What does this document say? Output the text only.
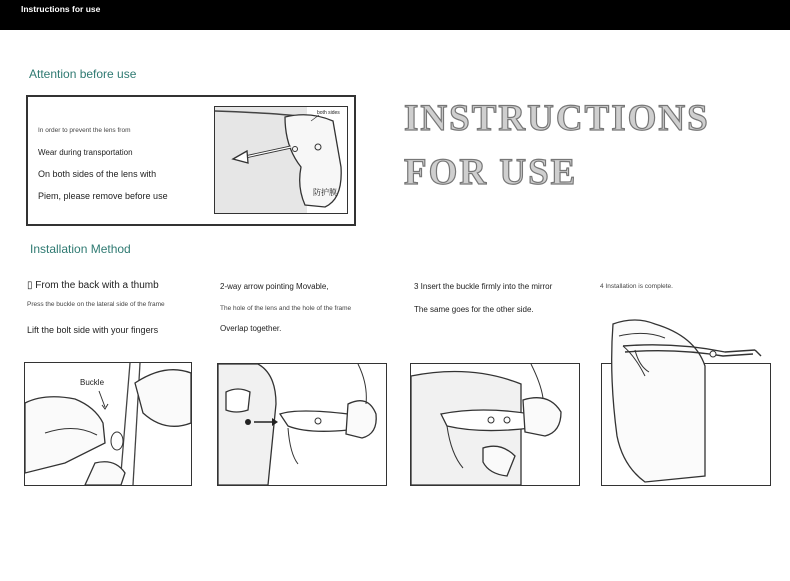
Instructions for use
Attention before use
In order to prevent the lens from
Wear during transportation
On both sides of the lens with
Piem, please remove before use
both sides
防护膜
INSTRUCTIONS
FOR USE
Installation Method
▯ From the back with a thumb
Press the buckle on the lateral side of the frame
Lift the bolt side with your fingers
Buckle
2-way arrow pointing Movable,
The hole of the lens and the hole of the frame
Overlap together.
3 Insert the buckle firmly into the mirror
The same goes for the other side.
4 Installation is complete.
